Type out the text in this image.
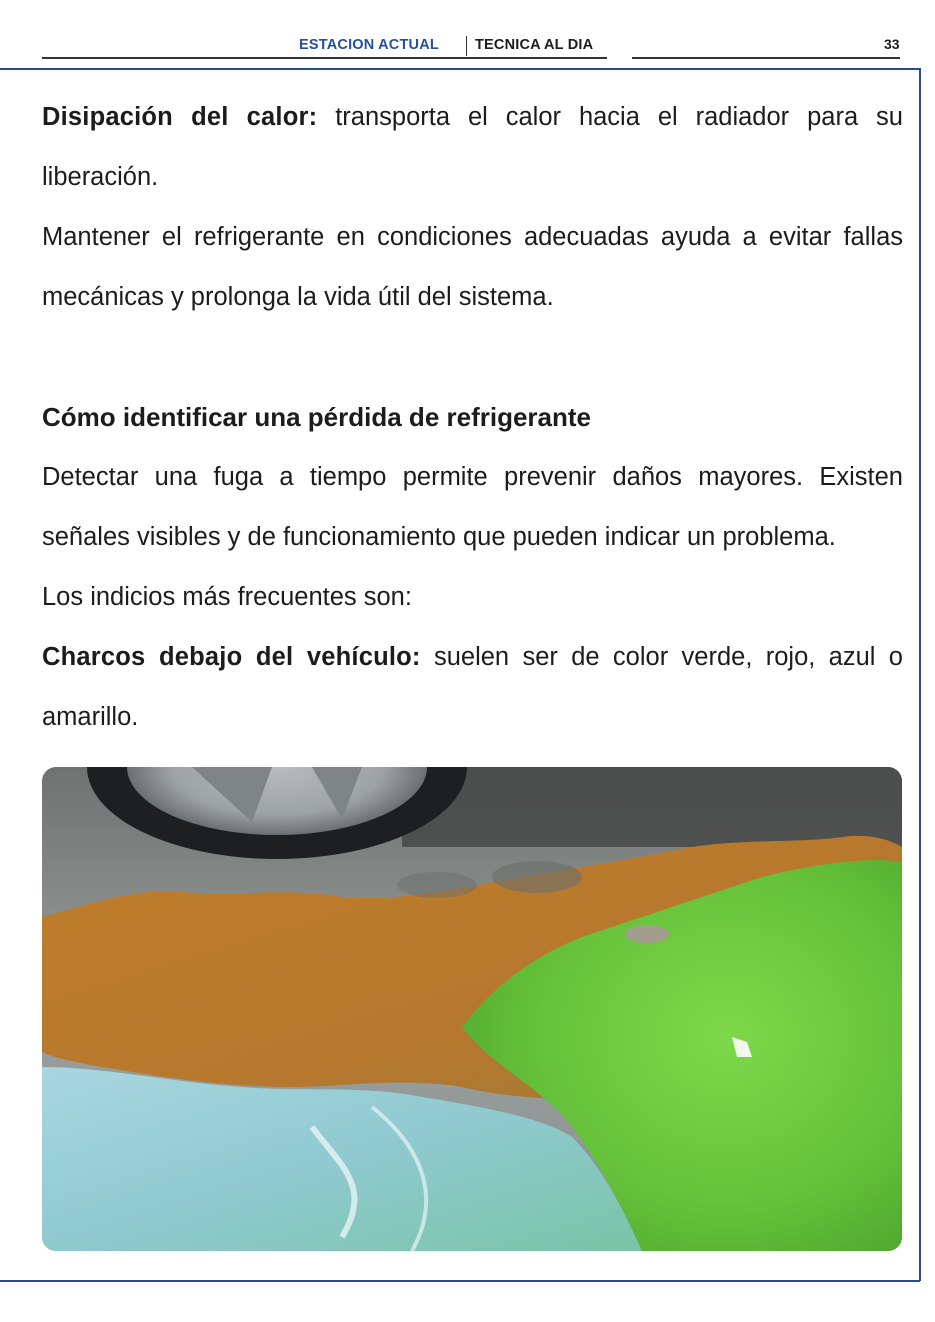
ESTACION ACTUAL TECNICA AL DIA	33

Disipación del calor: transporta el calor hacia el radiador para su liberación.

Mantener el refrigerante en condiciones adecuadas ayuda a evitar fallas mecánicas y prolonga la vida útil del sistema.

Cómo identificar una pérdida de refrigerante

Detectar una fuga a tiempo permite prevenir daños mayores. Existen señales visibles y de funcionamiento que pueden indicar un problema.

Los indicios más frecuentes son:

Charcos debajo del vehículo: suelen ser de color verde, rojo, azul o amarillo.
